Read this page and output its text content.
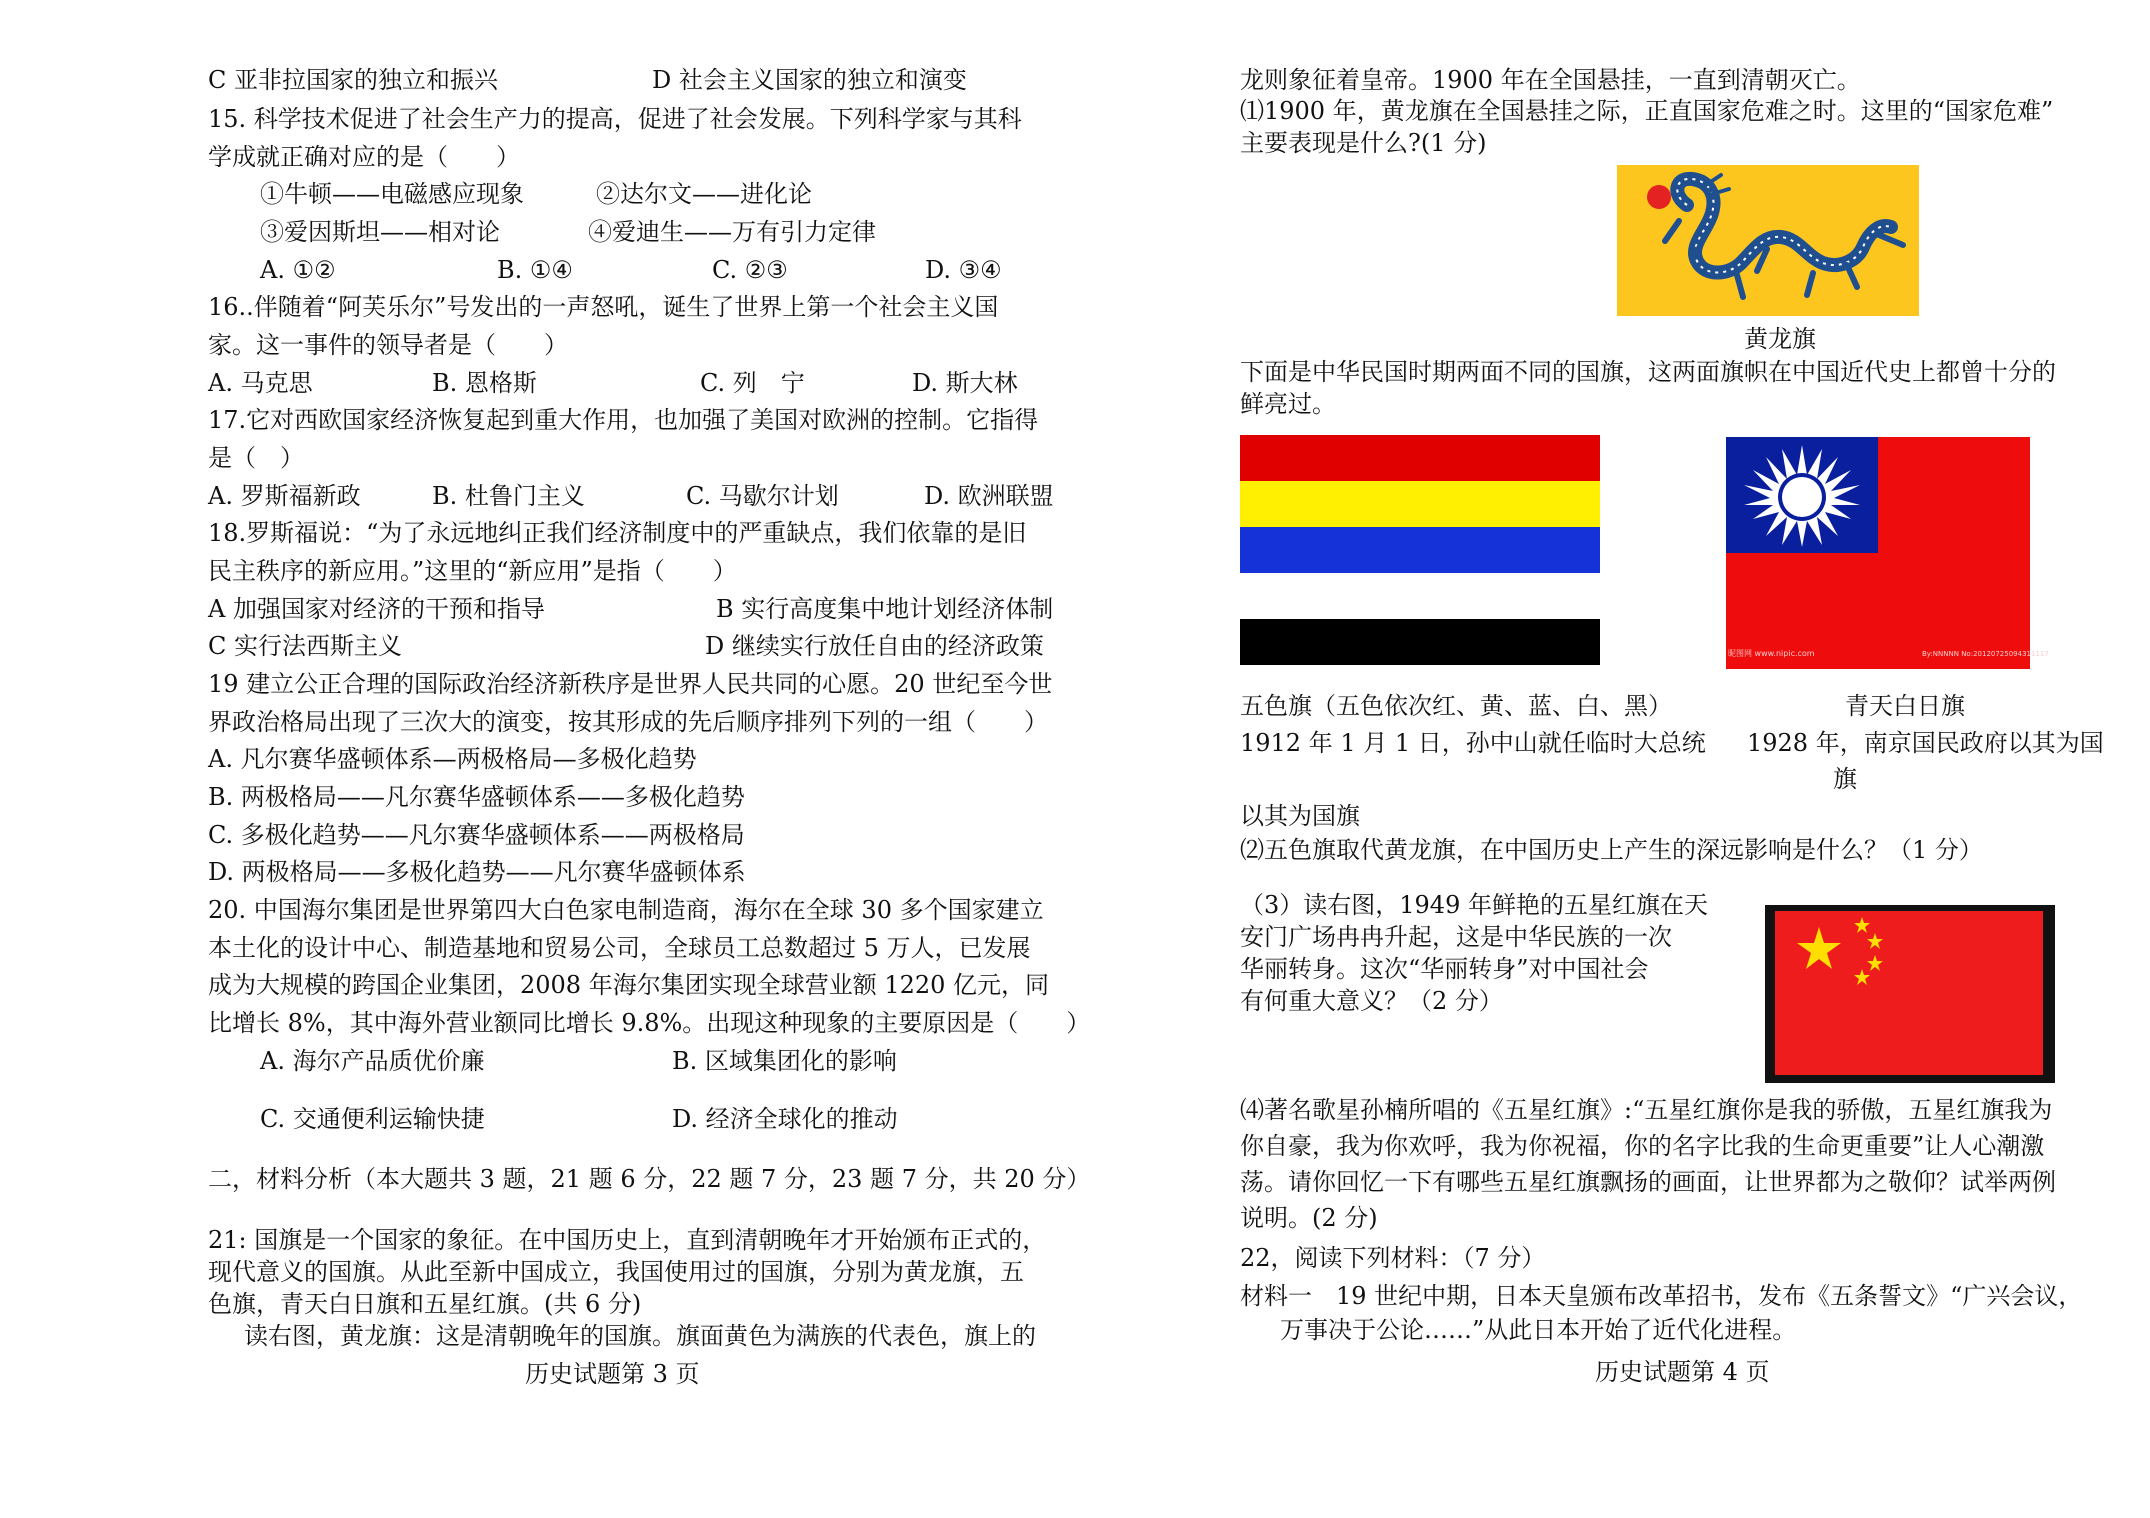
C 亚非拉国家的独立和振兴	D 社会主义国家的独立和演变
15. 科学技术促进了社会生产力的提高，促进了社会发展。下列科学家与其科
学成就正确对应的是（　　）
①牛顿——电磁感应现象	②达尔文——进化论
③爱因斯坦——相对论	④爱迪生——万有引力定律
A. ①②	B. ①④	C. ②③	D. ③④
16..伴随着“阿芙乐尔”号发出的一声怒吼，诞生了世界上第一个社会主义国
家。这一事件的领导者是（　　）
A. 马克思	B. 恩格斯	C. 列　宁	D. 斯大林
17.它对西欧国家经济恢复起到重大作用，也加强了美国对欧洲的控制。它指得
是（　）
A. 罗斯福新政	B. 杜鲁门主义	C. 马歇尔计划	D. 欧洲联盟
18.罗斯福说：“为了永远地纠正我们经济制度中的严重缺点，我们依靠的是旧
民主秩序的新应用。”这里的“新应用”是指（　　）
A 加强国家对经济的干预和指导	B 实行高度集中地计划经济体制
C 实行法西斯主义	D 继续实行放任自由的经济政策
19 建立公正合理的国际政治经济新秩序是世界人民共同的心愿。20 世纪至今世
界政治格局出现了三次大的演变，按其形成的先后顺序排列下列的一组（　　）
A. 凡尔赛华盛顿体系—两极格局—多极化趋势
B. 两极格局——凡尔赛华盛顿体系——多极化趋势
C. 多极化趋势——凡尔赛华盛顿体系——两极格局
D. 两极格局——多极化趋势——凡尔赛华盛顿体系
20. 中国海尔集团是世界第四大白色家电制造商，海尔在全球 30 多个国家建立
本土化的设计中心、制造基地和贸易公司，全球员工总数超过 5 万人，已发展
成为大规模的跨国企业集团，2008 年海尔集团实现全球营业额 1220 亿元，同
比增长 8%，其中海外营业额同比增长 9.8%。出现这种现象的主要原因是（　　）
A. 海尔产品质优价廉	B. 区域集团化的影响
C. 交通便利运输快捷	D. 经济全球化的推动
二，材料分析（本大题共 3 题，21 题 6 分，22 题 7 分，23 题 7 分，共 20 分）
21: 国旗是一个国家的象征。在中国历史上，直到清朝晚年才开始颁布正式的，
现代意义的国旗。从此至新中国成立，我国使用过的国旗，分别为黄龙旗，五
色旗，青天白日旗和五星红旗。(共 6 分)
读右图，黄龙旗：这是清朝晚年的国旗。旗面黄色为满族的代表色，旗上的
历史试题第 3 页
龙则象征着皇帝。1900 年在全国悬挂，一直到清朝灭亡。
⑴1900 年，黄龙旗在全国悬挂之际，正直国家危难之时。这里的“国家危难”
主要表现是什么?(1 分)
黄龙旗
下面是中华民国时期两面不同的国旗，这两面旗帜在中国近代史上都曾十分的
鲜亮过。
昵图网 www.nipic.com	By:NNNNN No:20120725094311117
五色旗（五色依次红、黄、蓝、白、黑）	青天白日旗
1912 年 1 月 1 日，孙中山就任临时大总统 1928 年，南京国民政府以其为国
旗
以其为国旗
⑵五色旗取代黄龙旗，在中国历史上产生的深远影响是什么？（1 分）
（3）读右图，1949 年鲜艳的五星红旗在天
安门广场冉冉升起，这是中华民族的一次
华丽转身。这次“华丽转身”对中国社会
有何重大意义？（2 分）
⑷著名歌星孙楠所唱的《五星红旗》:“五星红旗你是我的骄傲，五星红旗我为
你自豪，我为你欢呼，我为你祝福，你的名字比我的生命更重要”让人心潮激
荡。请你回忆一下有哪些五星红旗飘扬的画面，让世界都为之敬仰？试举两例
说明。(2 分)
22，阅读下列材料：（7 分）
材料一　19 世纪中期，日本天皇颁布改革招书，发布《五条誓文》“广兴会议，
万事决于公论……”从此日本开始了近代化进程。
历史试题第 4 页
